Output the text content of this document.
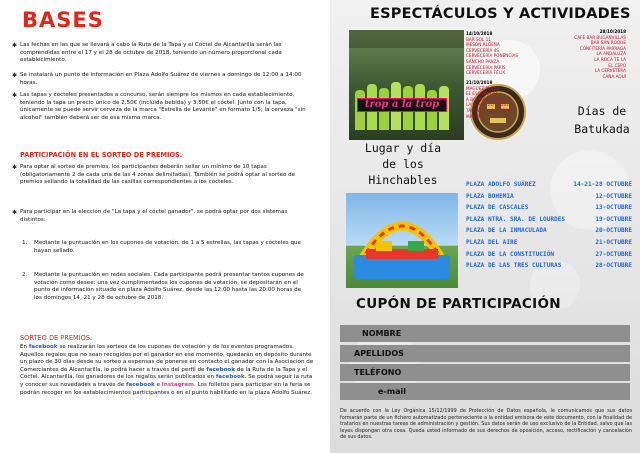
BASES
✱ Las fechas en las que se llevará a cabo la Ruta de la Tapa y el Cóctel de Alcantarilla serán las comprendidas entre el 17 y el 28 de octubre de 2018, teniendo un número proporcional cada establecimiento.
✱ Se instalará un punto de información en Plaza Adolfo Suárez de viernes a domingo de 12:00 a 14:00 horas.
✱ Las tapas y cócteles presentados a concurso, serán siempre los mismos en cada establecimiento, teniendo la tapa un precio único de 2,50€ (incluida bebida) y 3,50€ el cóctel. Junto con la tapa, únicamente se puede servir cerveza de la marca "Estrella de Levante" en formato 1/5; la cerveza "sin alcohol" también deberá ser de esa misma marca.
PARTICIPACIÓN EN EL SORTEO DE PREMIOS.
✱ Para optar al sorteo de premios, los participantes deberán sellar un mínimo de 10 tapas (obligatoriamente 2 de cada una de las 4 zonas delimitadas). También se podrá optar al sorteo de premios sellando la totalidad de las casillas correspondientes a los cócteles.
✱ Para participar en la elección de "La tapa y el cóctel ganador", se podrá optar por dos sistemas distintos:
1. Mediante la puntuación en los cupones de votación, de 1 a 5 estrellas, las tapas y cócteles que hayan sellado.
2. Mediante la puntuación en redes sociales. Cada participante podrá presentar tantos cupones de votación como desee: una vez cumplimentados los cupones de votación, se depositarán en el punto de información situado en plaza Adolfo Suárez, desde las 12:00 hasta las 20:00 horas de los domingos 14, 21 y 28 de octubre de 2018.
SORTEO DE PREMIOS.
En facebook se realizarán los sorteos de los cupones de votación y de los eventos programados. Aquellos regalos que no sean recogidos por el ganador en ese momento, quedarán en depósito durante un plazo de 30 días desde su sorteo a expensas de ponerse en contacto el ganador con la Asociación de Comerciantes de Alcantarilla, lo podrá hacer a través del perfil de facebook de la Ruta de la Tapa y el Cóctel. Alcantarilla, los ganadores de los regalos serán publicados en facebook. Se podrá seguir la ruta y conocer sus novedades a través de facebook e Instagram. Los folletos para participar en la feria se podrán recoger en los establecimientos participantes o en el punto habilitado en la plaza Adolfo Suárez.
ESPECTÁCULOS Y ACTIVIDADES
trop a la trop
14/10/2018
BAR SOL 11
MESÓN ALGEÑA
CERVECERÍA 4S
CERVECERÍA PONENCIAS
SANCHO PANZA
CERVECERÍA PARÍS
CERVECERÍA FÉLIX
28/10/2018
CAFÉ BAR BUGANVILLAS
BAR SAN ROQUE
CONFITERÍA PARRAGA
LA ANDALUZA
LA ROCA TE LA
EL CEPO
LA CERVETERA
CAÑA AQUÍ
21/10/2018
MAGUEZ PLAZA
EL ESQUINAZO
A BOMBO Y PLATILLO
LA PLAZA 21/10/2018
TAQUERÍA LA KATRINA
MAY DAY	Días de
Batukada
Lugar y día
de los
Hinchables	PLAZA ADOLFO SUÁREZ	14-21-28 OCTUBRE
PLAZA BOHEMIA	12-OCTUBRE
PLAZA DE CASCALES	13-OCTUBRE
PLAZA NTRA. SRA. DE LOURDES	19-OCTUBRE
PLAZA DE LA INMACULADA	20-OCTUBRE
PLAZA DEL AIRE	21-OCTUBRE
PLAZA DE LA CONSTITUCIÓN	27-OCTUBRE
PLAZA DE LAS TRES CULTURAS	28-OCTUBRE
CUPÓN DE PARTICIPACIÓN
NOMBRE
APELLIDOS
TELÉFONO
e-mail
De acuerdo con la Ley Orgánica 15/12/1999 de Protección de Datos española, le comunicamos que sus datos formarán parte de un fichero automatizado perteneciente a la entidad emisora de este documento, con la finalidad de tratarlos en nuestras tareas de administración y gestión. Sus datos serán de uso exclusivo de la Entidad, salvo que las leyes dispongan otra cosa. Queda usted informado de sus derechos de oposición, acceso, rectificación y cancelación de sus datos.
